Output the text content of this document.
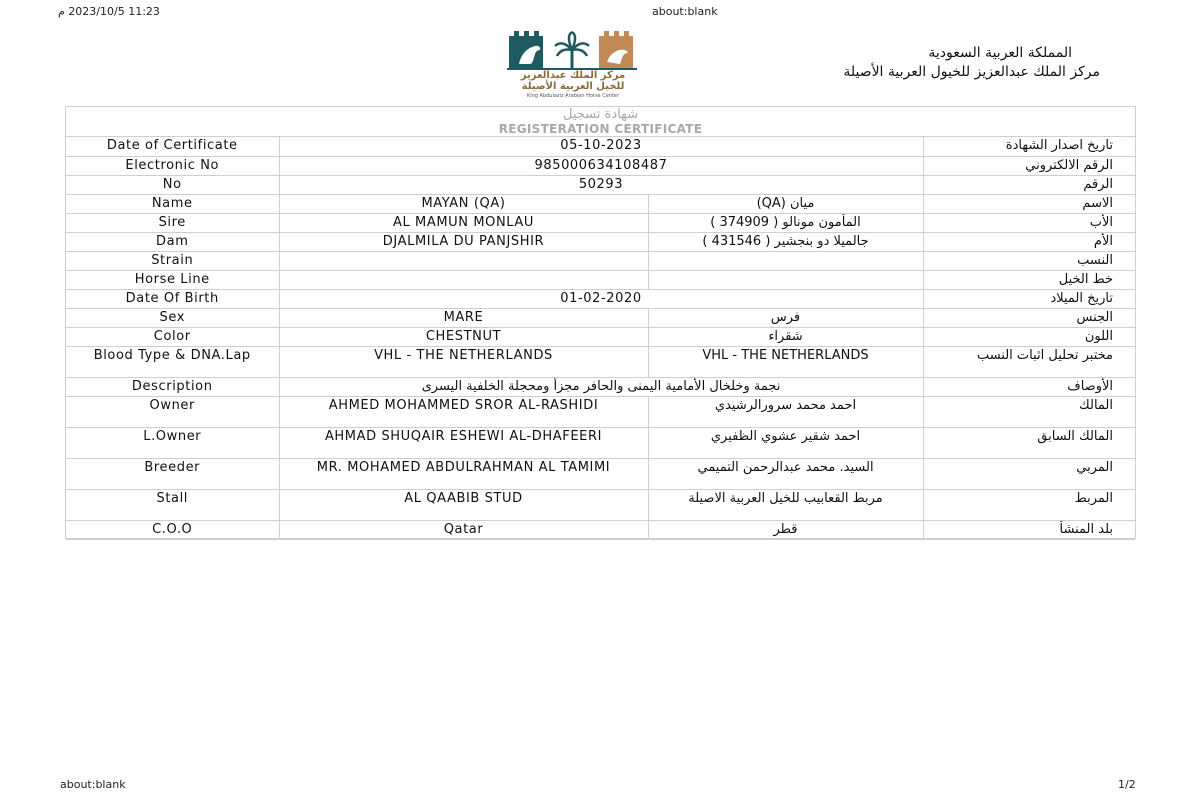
11:23 2023/10/5 م	about:blank
مركز الملك عبدالعزيز
للخيل العربية الأصيلة
King Abdulaziz Arabian Horse Center
المملكة العربية السعودية
مركز الملك عبدالعزيز للخيول العربية الأصيلة
شهادة تسجيل
REGISTERATION CERTIFICATE
Date of Certificate	05-10-2023		تاريخ اصدار الشهادة

Electronic No	985000634108487		الرقم الالكتروني

No	50293		الرقم

Name	MAYAN (QA)	ميان (QA)	الاسم

Sire	AL MAMUN MONLAU	المأمون مونالو ( 374909 )	الأب

Dam	DJALMILA DU PANJSHIR	جالميلا دو بنجشير ( 431546 )	الأم

Strain			النسب

Horse Line			خط الخيل

Date Of Birth	01-02-2020		تاريخ الميلاد

Sex	MARE	فرس	الجنس

Color	CHESTNUT	شقراء	اللون

Blood Type & DNA.Lap	VHL - THE NETHERLANDS	VHL - THE NETHERLANDS	مختبر تحليل اثبات النسب

Description	نجمة وخلخال الأمامية اليمنى والحافر مجزأ ومحجلة الخلفية اليسرى		الأوصاف

Owner	AHMED MOHAMMED SROR AL-RASHIDI	احمد محمد سرورالرشيدي	المالك

L.Owner	AHMAD SHUQAIR ESHEWI AL-DHAFEERI	احمد شقير عشوي الظفيري	المالك السابق

Breeder	MR. MOHAMED ABDULRAHMAN AL TAMIMI	السيد. محمد عبدالرحمن التميمي	المربي

Stall	AL QAABIB STUD	مربط القعابيب للخيل العربية الاصيلة	المربط

C.O.O	Qatar	قطر	بلد المنشأ
about:blank	1/2
